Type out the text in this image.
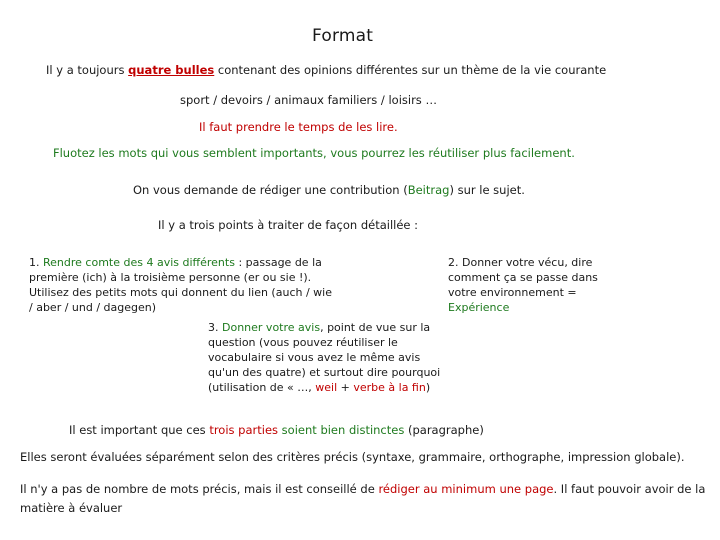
Format
Il y a toujours quatre bulles contenant des opinions différentes sur un thème de la vie courante
sport / devoirs / animaux familiers / loisirs …
Il faut prendre le temps de les lire.
Fluotez les mots qui vous semblent importants, vous pourrez les réutiliser plus facilement.
On vous demande de rédiger une contribution (Beitrag) sur le sujet.
Il y a trois points à traiter de façon détaillée :
1. Rendre comte des 4 avis différents : passage de la première (ich) à la troisième personne (er ou sie !). Utilisez des petits mots qui donnent du lien (auch / wie / aber / und / dagegen)
2. Donner votre vécu, dire comment ça se passe dans votre environnement = Expérience
3. Donner votre avis, point de vue sur la question (vous pouvez réutiliser le vocabulaire si vous avez le même avis qu'un des quatre) et surtout dire pourquoi (utilisation de « …, weil + verbe à la fin)
Il est important que ces trois parties soient bien distinctes (paragraphe)
Elles seront évaluées séparément selon des critères précis (syntaxe, grammaire, orthographe, impression globale).
Il n'y a pas de nombre de mots précis, mais il est conseillé de rédiger au minimum une page. Il faut pouvoir avoir de la
matière à évaluer
